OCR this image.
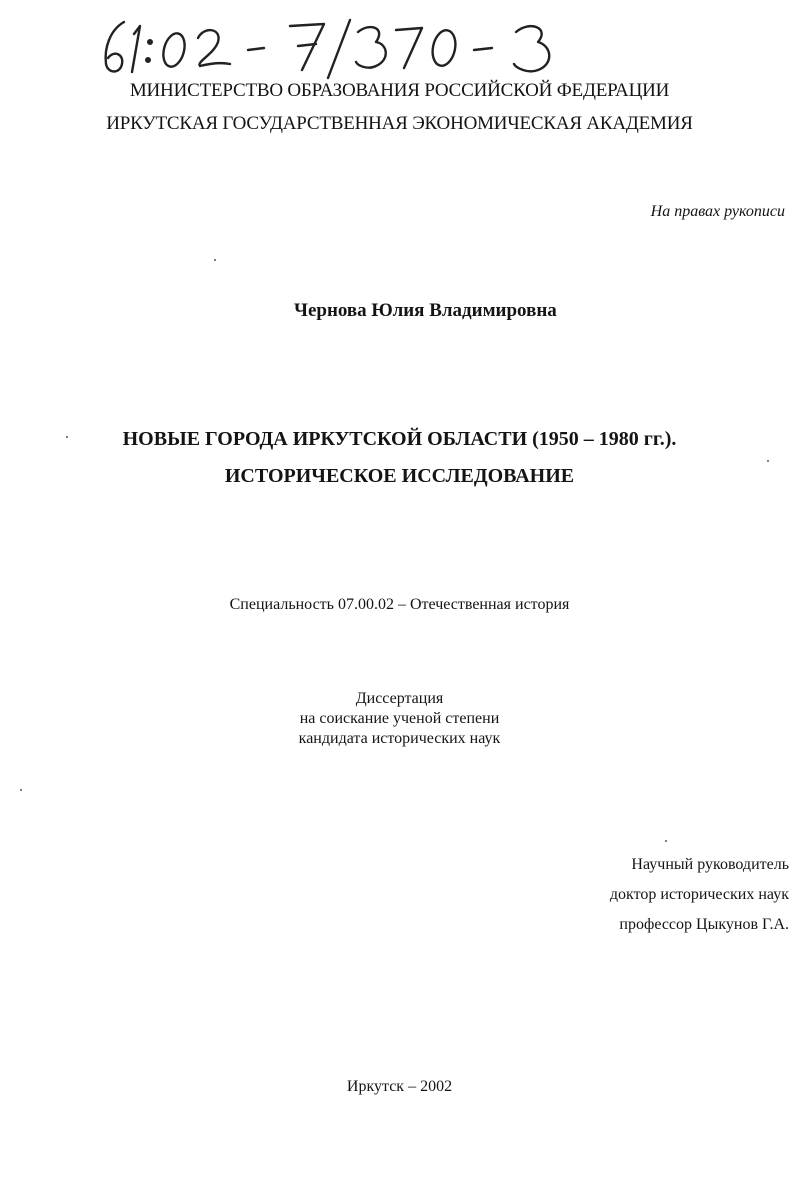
МИНИСТЕРСТВО ОБРАЗОВАНИЯ РОССИЙСКОЙ ФЕДЕРАЦИИ
ИРКУТСКАЯ ГОСУДАРСТВЕННАЯ ЭКОНОМИЧЕСКАЯ АКАДЕМИЯ
На правах рукописи
Чернова Юлия Владимировна
НОВЫЕ ГОРОДА ИРКУТСКОЙ ОБЛАСТИ (1950 – 1980 гг.).
ИСТОРИЧЕСКОЕ ИССЛЕДОВАНИЕ
Специальность 07.00.02 – Отечественная история
Диссертация
на соискание ученой степени
кандидата исторических наук
Научный руководитель
доктор исторических наук
профессор Цыкунов Г.А.
Иркутск – 2002
